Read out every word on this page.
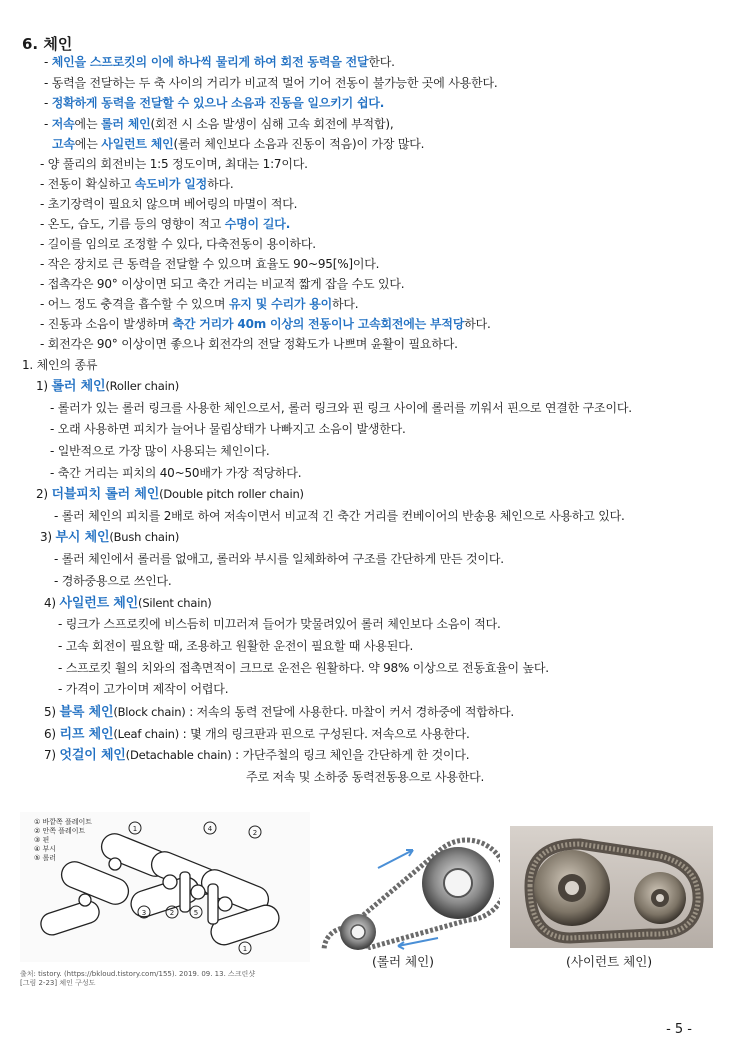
6. 체인
- 체인을 스프로킷의 이에 하나씩 물리게 하여 회전 동력을 전달한다.
- 동력을 전달하는 두 축 사이의 거리가 비교적 멀어 기어 전동이 불가능한 곳에 사용한다.
- 정확하게 동력을 전달할 수 있으나 소음과 진동을 일으키기 쉽다.
- 저속에는 롤러 체인(회전 시 소음 발생이 심해 고속 회전에 부적합),
고속에는 사일런트 체인(롤러 체인보다 소음과 진동이 적음)이 가장 많다.
- 양 풀리의 회전비는 1:5 정도이며, 최대는 1:7이다.
- 전동이 확실하고 속도비가 일정하다.
- 초기장력이 필요치 않으며 베어링의 마멸이 적다.
- 온도, 습도, 기름 등의 영향이 적고 수명이 길다.
- 길이를 임의로 조정할 수 있다, 다축전동이 용이하다.
- 작은 장치로 큰 동력을 전달할 수 있으며 효율도 90~95[%]이다.
- 접촉각은 90° 이상이면 되고 축간 거리는 비교적 짧게 잡을 수도 있다.
- 어느 정도 충격을 흡수할 수 있으며 유지 및 수리가 용이하다.
- 진동과 소음이 발생하며 축간 거리가 40m 이상의 전동이나 고속회전에는 부적당하다.
- 회전각은 90° 이상이면 좋으나 회전각의 전달 정확도가 나쁘며 윤활이 필요하다.
1. 체인의 종류
1) 롤러 체인(Roller chain)
- 롤러가 있는 롤러 링크를 사용한 체인으로서, 롤러 링크와 핀 링크 사이에 롤러를 끼워서 핀으로 연결한 구조이다.
- 오래 사용하면 피치가 늘어나 물림상태가 나빠지고 소음이 발생한다.
- 일반적으로 가장 많이 사용되는 체인이다.
- 축간 거리는 피치의 40~50배가 가장 적당하다.
2) 더블피치 롤러 체인(Double pitch roller chain)
- 롤러 체인의 피치를 2배로 하여 저속이면서 비교적 긴 축간 거리를 컨베이어의 반송용 체인으로 사용하고 있다.
3) 부시 체인(Bush chain)
- 롤러 체인에서 롤러를 없애고, 롤러와 부시를 일체화하여 구조를 간단하게 만든 것이다.
- 경하중용으로 쓰인다.
4) 사일런트 체인(Silent chain)
- 링크가 스프로킷에 비스듬히 미끄러져 들어가 맞물려있어 롤러 체인보다 소음이 적다.
- 고속 회전이 필요할 때, 조용하고 원활한 운전이 필요할 때 사용된다.
- 스프로킷 휠의 치와의 접촉면적이 크므로 운전은 원활하다. 약 98% 이상으로 전동효율이 높다.
- 가격이 고가이며 제작이 어렵다.
5) 블록 체인(Block chain) : 저속의 동력 전달에 사용한다. 마찰이 커서 경하중에 적합하다.
6) 리프 체인(Leaf chain) : 몇 개의 링크판과 핀으로 구성된다. 저속으로 사용한다.
7) 엇걸이 체인(Detachable chain) : 가단주철의 링크 체인을 간단하게 한 것이다.
주로 저속 및 소하중 동력전동용으로 사용한다.
1	4	2
3	2	5
1
① 바깥쪽 플레이트
② 안쪽 플레이트
③ 핀
④ 부시
⑤ 롤러
출처: tistory. (https://bkloud.tistory.com/155). 2019. 09. 13. 스크린샷
[그림 2-23] 체인 구성도
(롤러 체인)	(사이런트 체인)
- 5 -
